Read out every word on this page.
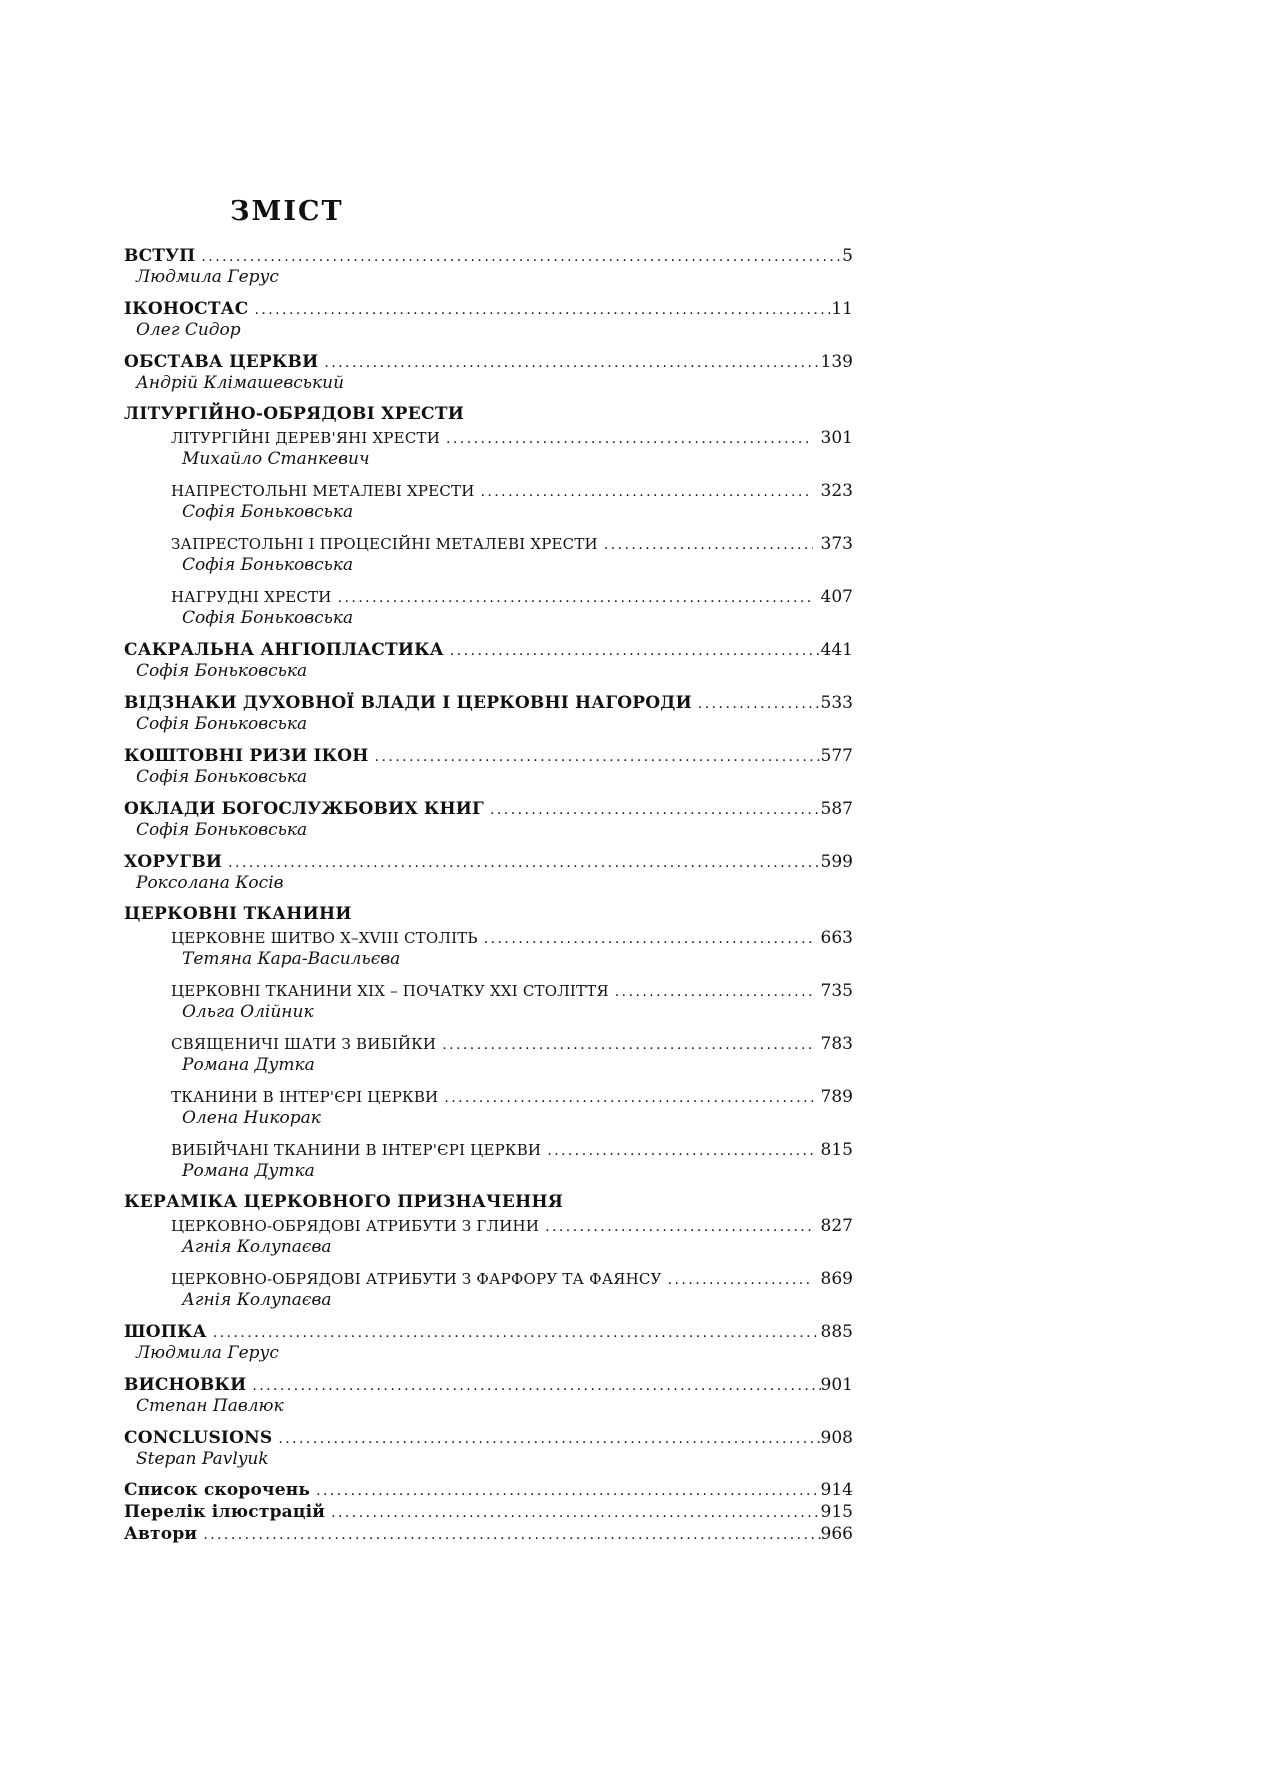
ЗМІСТ
ВСТУП . . .	5
Людмила Герус
ІКОНОСТАС . . .	11
Олег Сидор
ОБСТАВА ЦЕРКВИ . . .	139
Андрій Клімашевський
ЛІТУРГІЙНО-ОБРЯДОВІ ХРЕСТИ
ЛІТУРГІЙНІ ДЕРЕВ'ЯНІ ХРЕСТИ . . .	301
Михайло Станкевич
НАПРЕСТОЛЬНІ МЕТАЛЕВІ ХРЕСТИ . . .	323
Софія Боньковська
ЗАПРЕСТОЛЬНІ І ПРОЦЕСІЙНІ МЕТАЛЕВІ ХРЕСТИ . . .	373
Софія Боньковська
НАГРУДНІ ХРЕСТИ . . .	407
Софія Боньковська
САКРАЛЬНА АНГІОПЛАСТИКА . . .	441
Софія Боньковська
ВІДЗНАКИ ДУХОВНОЇ ВЛАДИ І ЦЕРКОВНІ НАГОРОДИ . . .	533
Софія Боньковська
КОШТОВНІ РИЗИ ІКОН . . .	577
Софія Боньковська
ОКЛАДИ БОГОСЛУЖБОВИХ КНИГ . . .	587
Софія Боньковська
ХОРУГВИ . . .	599
Роксолана Косів
ЦЕРКОВНІ ТКАНИНИ
ЦЕРКОВНЕ ШИТВО X–XVIII СТОЛІТЬ . . .	663
Тетяна Кара-Васильєва
ЦЕРКОВНІ ТКАНИНИ XIX – ПОЧАТКУ XXI СТОЛІТТЯ . . .	735
Ольга Олійник
СВЯЩЕНИЧІ ШАТИ З ВИБІЙКИ . . .	783
Романа Дутка
ТКАНИНИ В ІНТЕР'ЄРІ ЦЕРКВИ . . .	789
Олена Никорак
ВИБІЙЧАНІ ТКАНИНИ В ІНТЕР'ЄРІ ЦЕРКВИ . . .	815
Романа Дутка
КЕРАМІКА ЦЕРКОВНОГО ПРИЗНАЧЕННЯ
ЦЕРКОВНО-ОБРЯДОВІ АТРИБУТИ З ГЛИНИ . . .	827
Агнія Колупаєва
ЦЕРКОВНО-ОБРЯДОВІ АТРИБУТИ З ФАРФОРУ ТА ФАЯНСУ . . .	869
Агнія Колупаєва
ШОПКА . . .	885
Людмила Герус
ВИСНОВКИ . . .	901
Степан Павлюк
CONCLUSIONS . . .	908
Stepan Pavlyuk
Список скорочень . . .	914
Перелік ілюстрацій . . .	915
Автори . . .	966
